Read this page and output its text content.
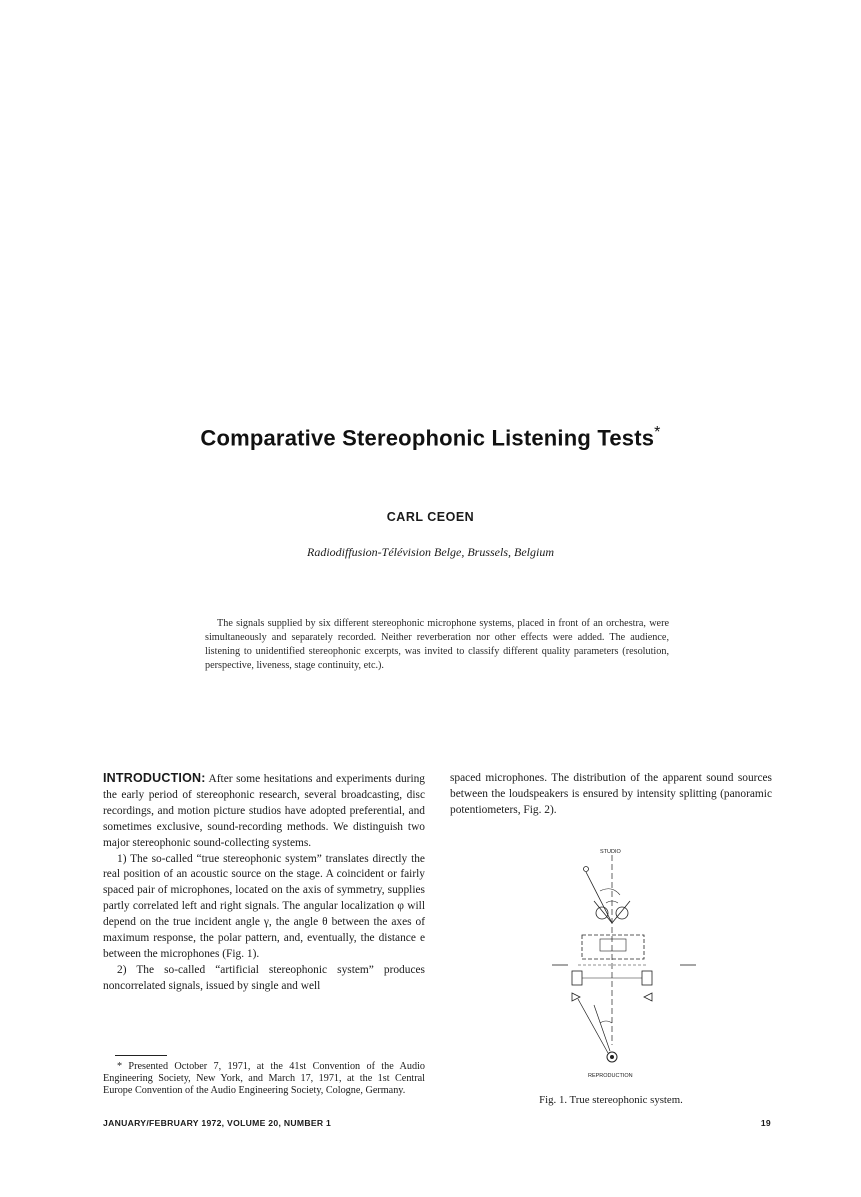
Comparative Stereophonic Listening Tests*
CARL CEOEN
Radiodiffusion-Télévision Belge, Brussels, Belgium
The signals supplied by six different stereophonic microphone systems, placed in front of an orchestra, were simultaneously and separately recorded. Neither reverberation nor other effects were added. The audience, listening to unidentified stereophonic excerpts, was invited to classify different quality parameters (resolution, perspective, liveness, stage continuity, etc.).

INTRODUCTION: After some hesitations and experiments during the early period of stereophonic research, several broadcasting, disc recordings, and motion picture studios have adopted preferential, and sometimes exclusive, sound-recording methods. We distinguish two major stereophonic sound-collecting systems.

1) The so-called “true stereophonic system” translates directly the real position of an acoustic source on the stage. A coincident or fairly spaced pair of microphones, located on the axis of symmetry, supplies partly correlated left and right signals. The angular localization φ will depend on the true incident angle γ, the angle θ between the axes of maximum response, the polar pattern, and, eventually, the distance e between the microphones (Fig. 1).

2) The so-called “artificial stereophonic system” produces noncorrelated signals, issued by single and well

spaced microphones. The distribution of the apparent sound sources between the loudspeakers is ensured by intensity splitting (panoramic potentiometers, Fig. 2).

* Presented October 7, 1971, at the 41st Convention of the Audio Engineering Society, New York, and March 17, 1971, at the 1st Central Europe Convention of the Audio Engineering Society, Cologne, Germany.
STUDIO
REPRODUCTION
Fig. 1. True stereophonic system.
JANUARY/FEBRUARY 1972, VOLUME 20, NUMBER 1	19
